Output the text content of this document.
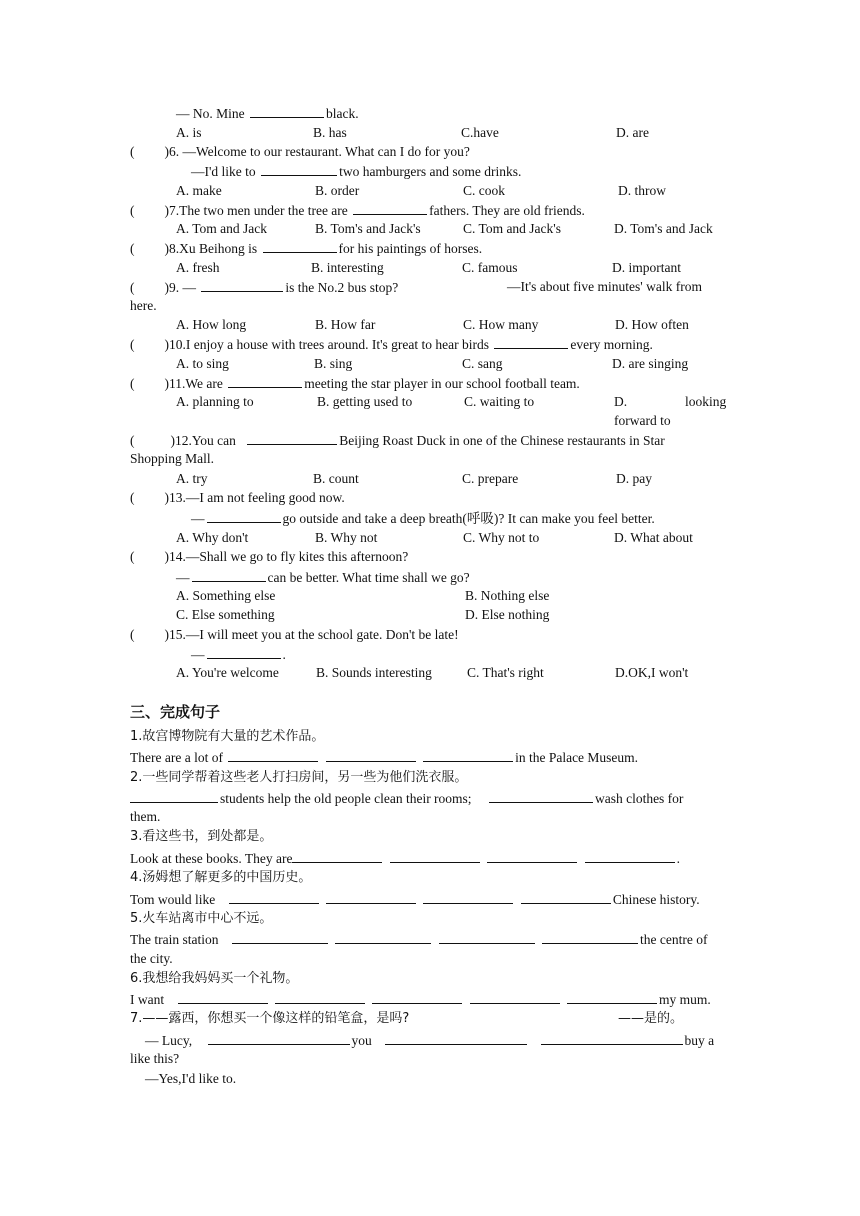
— No. Mine	black.
A. is	B. has	C.have	D. are
( )6. —Welcome to our restaurant. What can I do for you?
—I'd like to	two hamburgers and some drinks.
A. make	B. order	C. cook	D. throw
( )7.The two men under the tree are	fathers. They are old friends.
A. Tom and Jack	B. Tom's and Jack's	C. Tom and Jack's	D. Tom's and Jack
( )8.Xu Beihong is	for his paintings of horses.
A. fresh	B. interesting	C. famous	D. important
( )9. —	is the No.2 bus stop?	—It's about five minutes' walk from
here.
A. How long	B. How far	C. How many	D. How often
( )10.I enjoy a house with trees around. It's great to hear birds	every morning.
A. to sing	B. sing	C. sang	D. are singing
( )11.We are	meeting the star player in our school football team.
A. planning to	B. getting used to	C. waiting to	D.	looking
forward to
(	)12.You can	Beijing Roast Duck in one of the Chinese restaurants in Star
Shopping Mall.
A. try	B. count	C. prepare	D. pay
( )13.—I am not feeling good now.
—	go outside and take a deep breath(呼吸)? It can make you feel better.
A. Why don't	B. Why not	C. Why not to	D. What about
( )14.—Shall we go to fly kites this afternoon?
—	can be better. What time shall we go?
A. Something else	B. Nothing else
C. Else something	D. Else nothing
( )15.—I will meet you at the school gate. Don't be late!
—	.
A. You're welcome	B. Sounds interesting	C. That's right	D.OK,I won't
三、完成句子
1.故宫博物院有大量的艺术作品。
There are a lot of	in the Palace Museum.
2.一些同学帮着这些老人打扫房间，另一些为他们洗衣服。
students help the old people clean their rooms;	wash clothes for
them.
3.看这些书，到处都是。
Look at these books. They are	.
4.汤姆想了解更多的中国历史。
Tom would like	Chinese history.
5.火车站离市中心不远。
The train station	the centre of
the city.
6.我想给我妈妈买一个礼物。
I want	my mum.
7.——露西，你想买一个像这样的铅笔盒，是吗?	——是的。
— Lucy,	you	buy a
like this?
—Yes,I'd like to.
